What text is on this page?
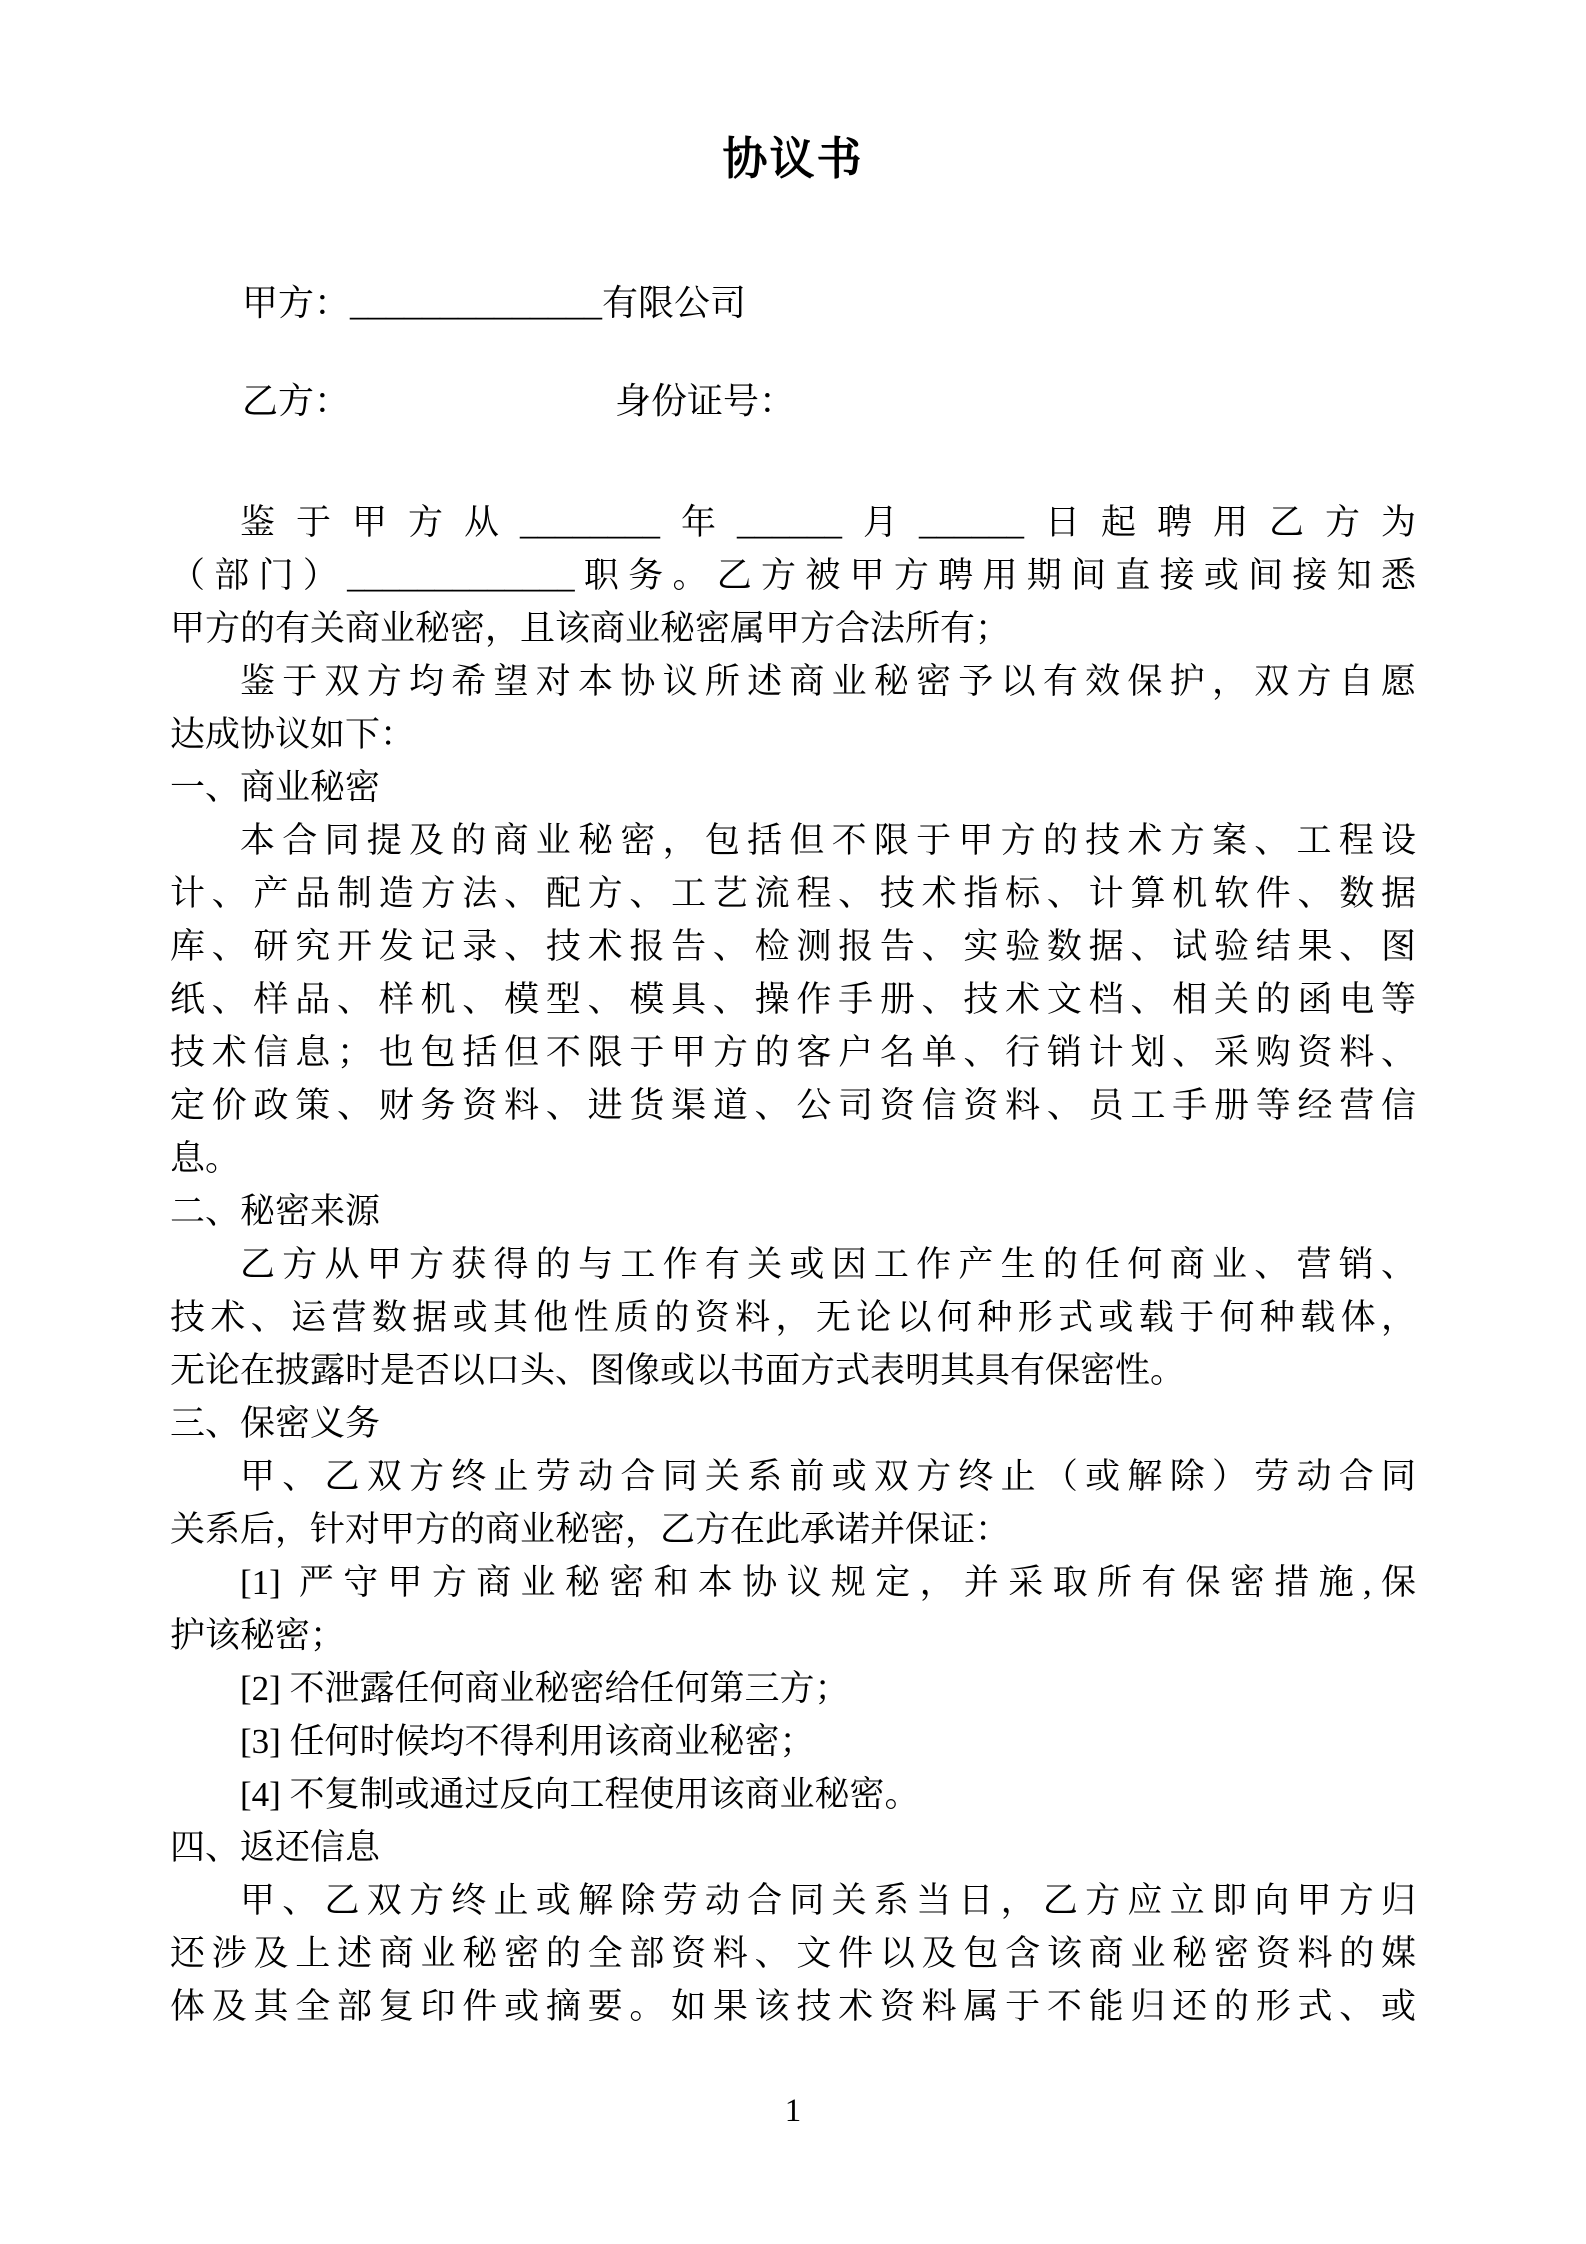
协议书
甲方：______________有限公司
乙方：	身份证号：
鉴于甲方从________年______月______日起聘用乙方为
（部门）_____________职务。乙方被甲方聘用期间直接或间接知悉
甲方的有关商业秘密，且该商业秘密属甲方合法所有；
鉴于双方均希望对本协议所述商业秘密予以有效保护，双方自愿
达成协议如下：
一、商业秘密
本合同提及的商业秘密，包括但不限于甲方的技术方案、工程设
计、产品制造方法、配方、工艺流程、技术指标、计算机软件、数据
库、研究开发记录、技术报告、检测报告、实验数据、试验结果、图
纸、样品、样机、模型、模具、操作手册、技术文档、相关的函电等
技术信息；也包括但不限于甲方的客户名单、行销计划、采购资料、
定价政策、财务资料、进货渠道、公司资信资料、员工手册等经营信
息。
二、秘密来源
乙方从甲方获得的与工作有关或因工作产生的任何商业、营销、
技术、运营数据或其他性质的资料，无论以何种形式或载于何种载体，
无论在披露时是否以口头、图像或以书面方式表明其具有保密性。
三、保密义务
甲、乙双方终止劳动合同关系前或双方终止（或解除）劳动合同
关系后，针对甲方的商业秘密，乙方在此承诺并保证：
[1] 严守甲方商业秘密和本协议规定，并采取所有保密措施,保
护该秘密；
[2] 不泄露任何商业秘密给任何第三方；
[3] 任何时候均不得利用该商业秘密；
[4] 不复制或通过反向工程使用该商业秘密。
四、返还信息
甲、乙双方终止或解除劳动合同关系当日，乙方应立即向甲方归
还涉及上述商业秘密的全部资料、文件以及包含该商业秘密资料的媒
体及其全部复印件或摘要。如果该技术资料属于不能归还的形式、或
1
